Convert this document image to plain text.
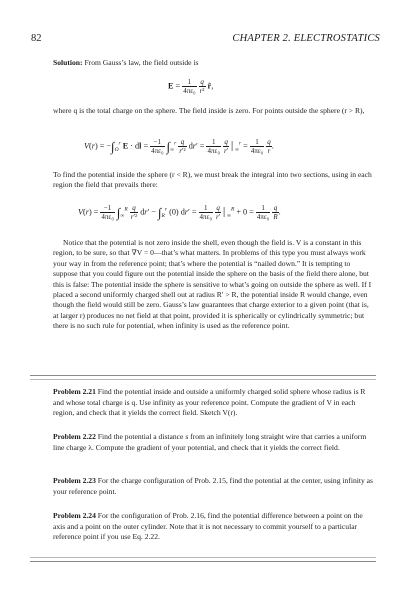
82	CHAPTER 2. ELECTROSTATICS

Solution: From Gauss’s law, the field outside is

$E = \frac{1}{\text{4πε₀}}$
$\frac{q}{\text{r²}}$ r̂,

where q is the total charge on the sphere. The field inside is zero. For points outside the sphere (r > R),

$V(r) = -\int_O^r$ E · dl = $\frac{-1}{\text{4πε₀}} \int_\infty^r \frac{q}{\text{r′²}} dr' = \frac{1}{\text{4πε₀}}$
$\frac{q}{r'}$ $│_\infty^r = \frac{1}{\text{4πε₀}}$
$\frac{q}{r}$ .

To find the potential inside the sphere (r < R), we must break the integral into two sections, using in each region the field that prevails there:

$V(r) = \frac{-1}{\text{4πε₀}} \int_\infty^R \frac{q}{\text{r′²}} dr' - \int_R^r$ (0) $dr' = \frac{1}{\text{4πε₀}}$
$\frac{q}{r'}$ $│_\infty^R + 0 = \frac{1}{\text{4πε₀}}$
$\frac{q}{R}$ .

Notice that the potential is not zero inside the shell, even though the field is. V is a constant in this region, to be sure, so that ∇V = 0—that’s what matters. In problems of this type you must always work your way in from the reference point; that’s where the potential is “nailed down.” It is tempting to suppose that you could figure out the potential inside the sphere on the basis of the field there alone, but this is false: The potential inside the sphere is sensitive to what’s going on outside the sphere as well. If I placed a second uniformly charged shell out at radius R′ > R, the potential inside R would change, even though the field would still be zero. Gauss’s law guarantees that charge exterior to a given point (that is, at larger r) produces no net field at that point, provided it is spherically or cylindrically symmetric; but there is no such rule for potential, when infinity is used as the reference point.

Problem 2.21 Find the potential inside and outside a uniformly charged solid sphere whose radius is R and whose total charge is q. Use infinity as your reference point. Compute the gradient of V in each region, and check that it yields the correct field. Sketch V(r).

Problem 2.22 Find the potential a distance s from an infinitely long straight wire that carries a uniform line charge λ. Compute the gradient of your potential, and check that it yields the correct field.

Problem 2.23 For the charge configuration of Prob. 2.15, find the potential at the center, using infinity as your reference point.

Problem 2.24 For the configuration of Prob. 2.16, find the potential difference between a point on the axis and a point on the outer cylinder. Note that it is not necessary to commit yourself to a particular reference point if you use Eq. 2.22.
